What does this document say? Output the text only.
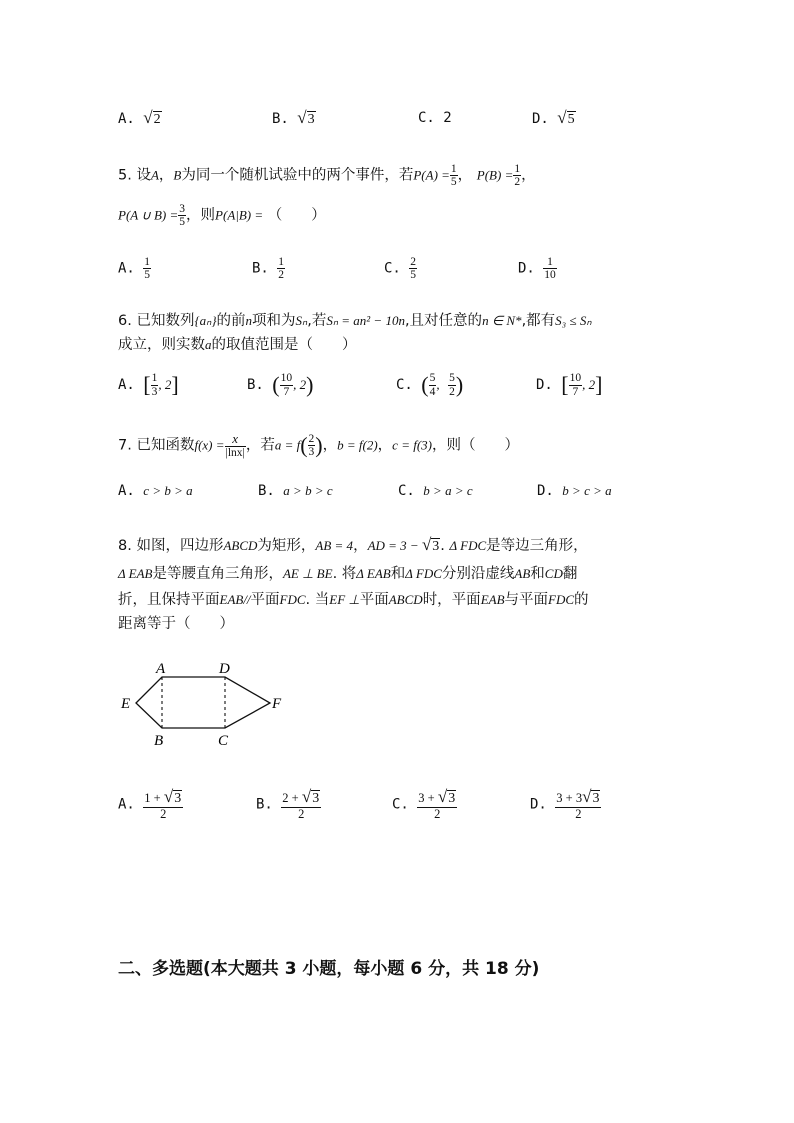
A. √2	B. √3	C. 2	D. √5
5. 设A，B为同一个随机试验中的两个事件，若$P(A) = \frac{1}{5}$ ， $P(B) = \frac{1}{2}$ ，
P(A ∪ $B) = \frac{3}{5}$ ，则P(A|B) = （　　）
A. $\frac{1}{5}$	B. $\frac{1}{2}$	C. $\frac{2}{5}$	D. $\frac{1}{10}$
6. 已知数列{aₙ}的前n项和为Sₙ,若Sₙ = an² − 10n,且对任意的n ∈ N*,都有S₃ ≤ Sₙ
成立，则实数a的取值范围是（　　）
A. [ $\frac{1}{3}$ , 2]	B. ( $\frac{10}{7}$ , 2)	C. ( $\frac{5}{4}$ , $\frac{5}{2}$ )	D. [ $\frac{10}{7}$ , 2]
7. 已知函数$f(x) = \frac{x}{|\ln x|}$ ，若$a = f( \frac{2}{3}$ )，b = f(2)，c = f(3)，则（　　）
A. c > b > a	B. a > b > c	C. b > a > c	D. b > c > a
8. 如图，四边形ABCD为矩形，AB = 4，AD = 3 − √3. Δ FDC是等边三角形，
Δ EAB是等腰直角三角形，AE ⊥ BE. 将Δ EAB和Δ FDC分别沿虚线AB和CD翻
折，且保持平面EAB//平面FDC. 当EF ⊥平面ABCD时，平面EAB与平面FDC的
距离等于（　　）
A	D
E	F
B	C
A. $\frac{1 + √3}{2}$	B. $\frac{2 + √3}{2}$	C. $\frac{3 + √3}{2}$	D. $\frac{3 + 3√3}{2}$
二、多选题(本大题共 3 小题，每小题 6 分，共 18 分)
